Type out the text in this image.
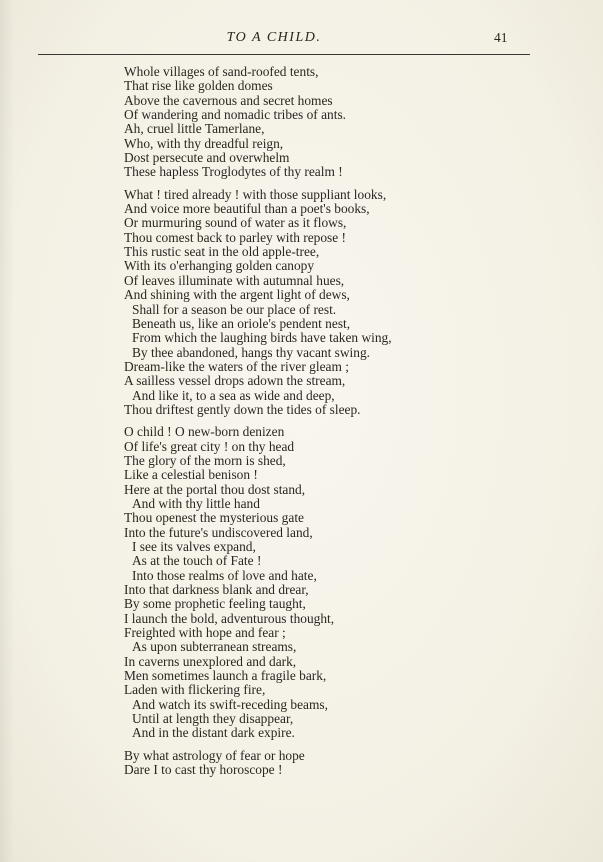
TO A CHILD.	41
Whole villages of sand-roofed tents,
That rise like golden domes
Above the cavernous and secret homes
Of wandering and nomadic tribes of ants.
Ah, cruel little Tamerlane,
Who, with thy dreadful reign,
Dost persecute and overwhelm
These hapless Troglodytes of thy realm !
What ! tired already ! with those suppliant looks,
And voice more beautiful than a poet's books,
Or murmuring sound of water as it flows,
Thou comest back to parley with repose !
This rustic seat in the old apple-tree,
With its o'erhanging golden canopy
Of leaves illuminate with autumnal hues,
And shining with the argent light of dews,
Shall for a season be our place of rest.
Beneath us, like an oriole's pendent nest,
From which the laughing birds have taken wing,
By thee abandoned, hangs thy vacant swing.
Dream-like the waters of the river gleam ;
A sailless vessel drops adown the stream,
And like it, to a sea as wide and deep,
Thou driftest gently down the tides of sleep.
O child ! O new-born denizen
Of life's great city ! on thy head
The glory of the morn is shed,
Like a celestial benison !
Here at the portal thou dost stand,
And with thy little hand
Thou openest the mysterious gate
Into the future's undiscovered land,
I see its valves expand,
As at the touch of Fate !
Into those realms of love and hate,
Into that darkness blank and drear,
By some prophetic feeling taught,
I launch the bold, adventurous thought,
Freighted with hope and fear ;
As upon subterranean streams,
In caverns unexplored and dark,
Men sometimes launch a fragile bark,
Laden with flickering fire,
And watch its swift-receding beams,
Until at length they disappear,
And in the distant dark expire.
By what astrology of fear or hope
Dare I to cast thy horoscope !
